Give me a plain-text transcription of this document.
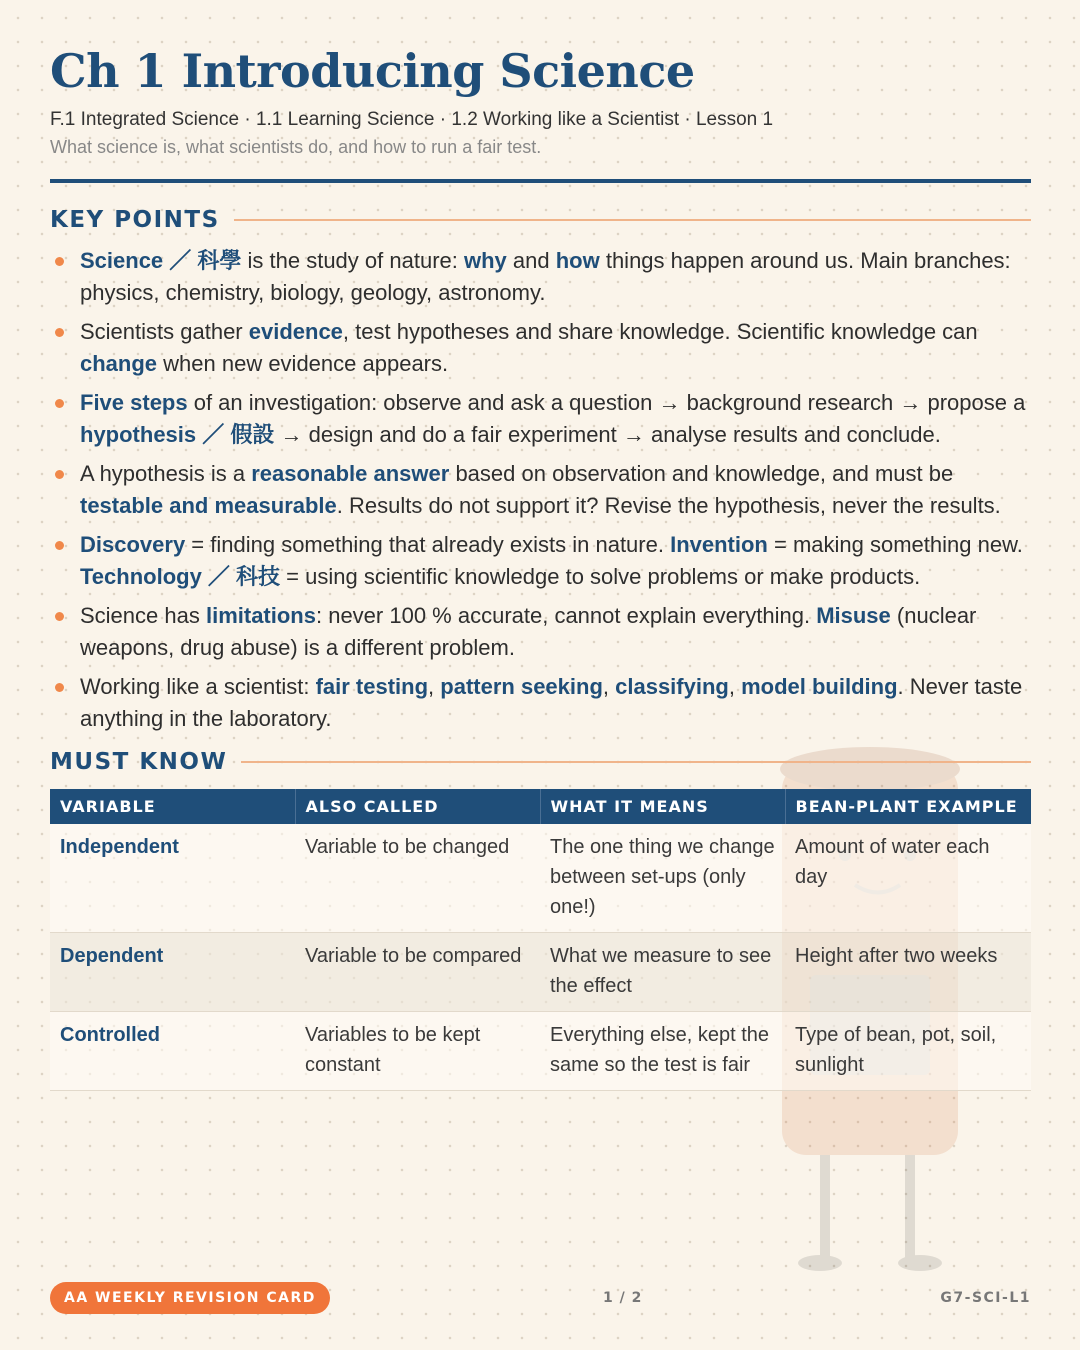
Ch 1 Introducing Science
F.1 Integrated Science · 1.1 Learning Science · 1.2 Working like a Scientist · Lesson 1
What science is, what scientists do, and how to run a fair test.
KEY POINTS
Science ／ 科學 is the study of nature: why and how things happen around us. Main branches: physics, chemistry, biology, geology, astronomy.
Scientists gather evidence, test hypotheses and share knowledge. Scientific knowledge can change when new evidence appears.
Five steps of an investigation: observe and ask a question → background research → propose a hypothesis ／ 假設 → design and do a fair experiment → analyse results and conclude.
A hypothesis is a reasonable answer based on observation and knowledge, and must be testable and measurable. Results do not support it? Revise the hypothesis, never the results.
Discovery = finding something that already exists in nature. Invention = making something new. Technology ／ 科技 = using scientific knowledge to solve problems or make products.
Science has limitations: never 100 % accurate, cannot explain everything. Misuse (nuclear weapons, drug abuse) is a different problem.
Working like a scientist: fair testing, pattern seeking, classifying, model building. Never taste anything in the laboratory.
MUST KNOW
VARIABLE	ALSO CALLED	WHAT IT MEANS	BEAN-PLANT EXAMPLE
Independent	Variable to be changed	The one thing we change between set-ups (only one!)	Amount of water each day
Dependent	Variable to be compared	What we measure to see the effect	Height after two weeks
Controlled	Variables to be kept constant	Everything else, kept the same so the test is fair	Type of bean, pot, soil, sunlight
AA WEEKLY REVISION CARD	1 / 2	G7-SCI-L1
